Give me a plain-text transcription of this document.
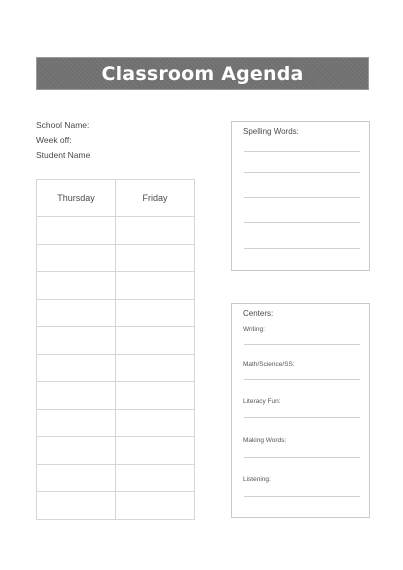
Classroom Agenda
School Name:
Week off:
Student Name
Thursday	Friday

Spelling Words:
Centers:
Writing:
Math/Science/SS:
Literacy Fun:
Making Words:
Listening:
